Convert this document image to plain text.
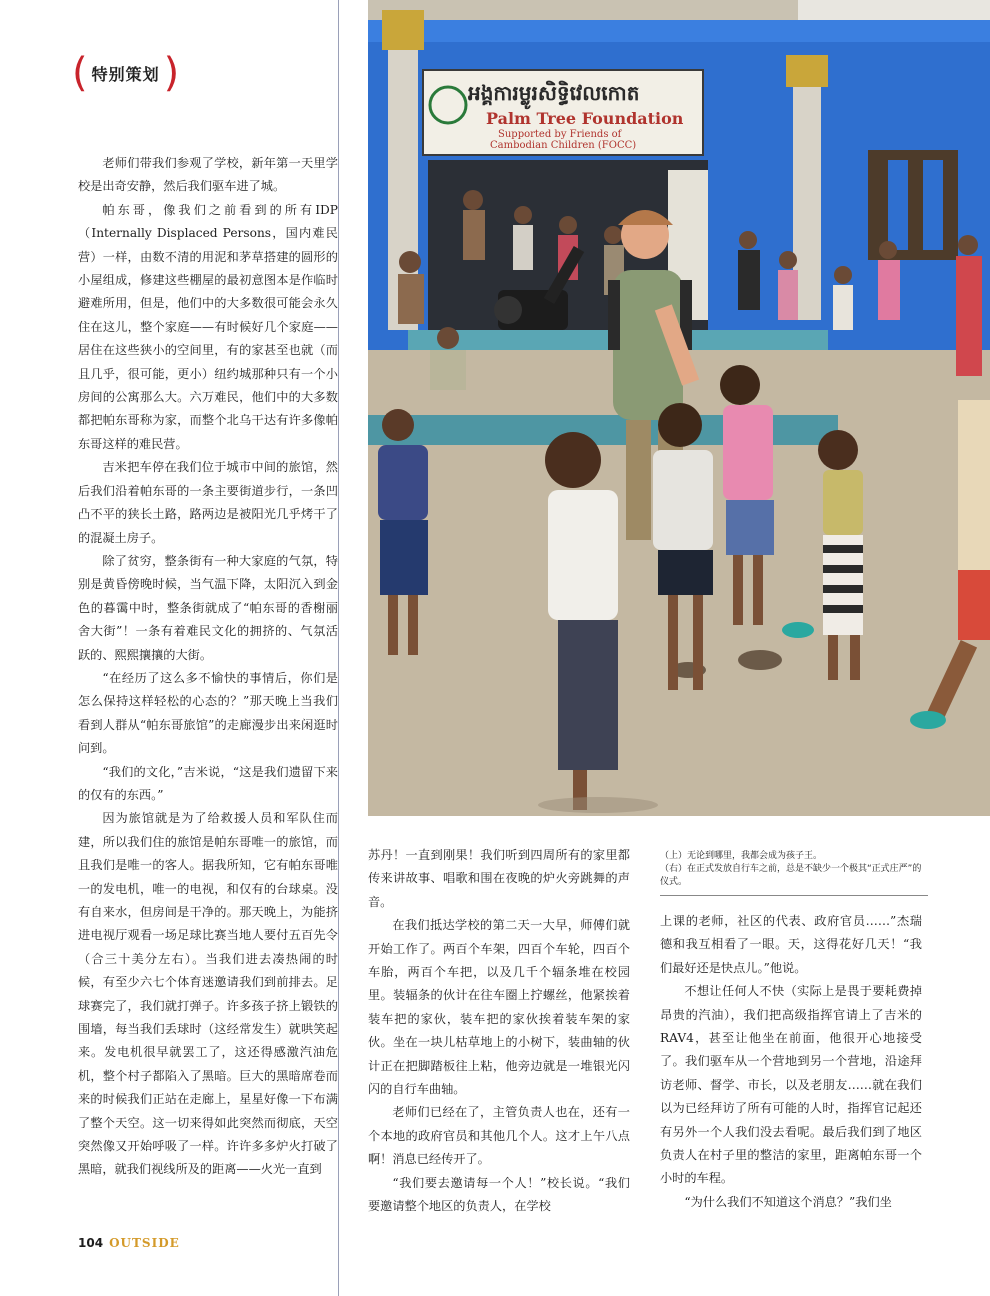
( 特别策划 )

老师们带我们参观了学校，新年第一天里学校是出奇安静，然后我们驱车进了城。

帕东哥，像我们之前看到的所有IDP（Internally Displaced Persons，国内难民营）一样，由数不清的用泥和茅草搭建的圆形的小屋组成，修建这些棚屋的最初意图本是作临时避难所用，但是，他们中的大多数很可能会永久住在这儿，整个家庭——有时候好几个家庭——居住在这些狭小的空间里，有的家甚至也就（而且几乎，很可能，更小）纽约城那种只有一个小房间的公寓那么大。六万难民，他们中的大多数都把帕东哥称为家，而整个北乌干达有许多像帕东哥这样的难民营。

吉米把车停在我们位于城市中间的旅馆，然后我们沿着帕东哥的一条主要街道步行，一条凹凸不平的狭长土路，路两边是被阳光几乎烤干了的混凝土房子。

除了贫穷，整条街有一种大家庭的气氛，特别是黄昏傍晚时候，当气温下降，太阳沉入到金色的暮霭中时，整条街就成了“帕东哥的香榭丽舍大街”！一条有着难民文化的拥挤的、气氛活跃的、熙熙攘攘的大街。

“在经历了这么多不愉快的事情后，你们是怎么保持这样轻松的心态的？”那天晚上当我们看到人群从“帕东哥旅馆”的走廊漫步出来闲逛时问到。

“我们的文化，”吉米说，“这是我们遗留下来的仅有的东西。”

因为旅馆就是为了给救援人员和军队住而建，所以我们住的旅馆是帕东哥唯一的旅馆，而且我们是唯一的客人。据我所知，它有帕东哥唯一的发电机，唯一的电视，和仅有的台球桌。没有自来水，但房间是干净的。那天晚上，为能挤进电视厅观看一场足球比赛当地人要付五百先令（合三十美分左右）。当我们进去凑热闹的时候，有至少六七个体育迷邀请我们到前排去。足球赛完了，我们就打弹子。许多孩子挤上锻铁的围墙，每当我们丢球时（这经常发生）就哄笑起来。发电机很早就罢工了，这还得感激汽油危机，整个村子都陷入了黑暗。巨大的黑暗席卷而来的时候我们正站在走廊上，星星好像一下布满了整个天空。这一切来得如此突然而彻底，天空突然像又开始呼吸了一样。许许多多炉火打破了黑暗，就我们视线所及的距离——火光一直到

104 OUTSIDE
អង្គការម្លូរសិទ្ធិវេលកោត
Palm Tree Foundation
Supported by Friends of
Cambodian Children (FOCC)

苏丹！一直到刚果！我们听到四周所有的家里都传来讲故事、唱歌和围在夜晚的炉火旁跳舞的声音。

在我们抵达学校的第二天一大早，师傅们就开始工作了。两百个车架，四百个车轮，四百个车胎，两百个车把，以及几千个辐条堆在校园里。装辐条的伙计在往车圈上拧螺丝，他紧挨着装车把的家伙，装车把的家伙挨着装车架的家伙。坐在一块儿枯草地上的小树下，装曲轴的伙计正在把脚踏板往上粘，他旁边就是一堆银光闪闪的自行车曲轴。

老师们已经在了，主管负责人也在，还有一个本地的政府官员和其他几个人。这才上午八点啊！消息已经传开了。

“我们要去邀请每一个人！”校长说。“我们要邀请整个地区的负责人，在学校

（上）无论到哪里，我都会成为孩子王。
（右）在正式发放自行车之前，总是不缺少一个极其“正式庄严”的仪式。

上课的老师，社区的代表、政府官员……”杰瑞德和我互相看了一眼。天，这得花好几天！“我们最好还是快点儿。”他说。

不想让任何人不快（实际上是畏于要耗费掉昂贵的汽油），我们把高级指挥官请上了吉米的RAV4，甚至让他坐在前面，他很开心地接受了。我们驱车从一个营地到另一个营地，沿途拜访老师、督学、市长，以及老朋友……就在我们以为已经拜访了所有可能的人时，指挥官记起还有另外一个人我们没去看呢。最后我们到了地区负责人在村子里的整洁的家里，距离帕东哥一个小时的车程。

“为什么我们不知道这个消息？”我们坐
